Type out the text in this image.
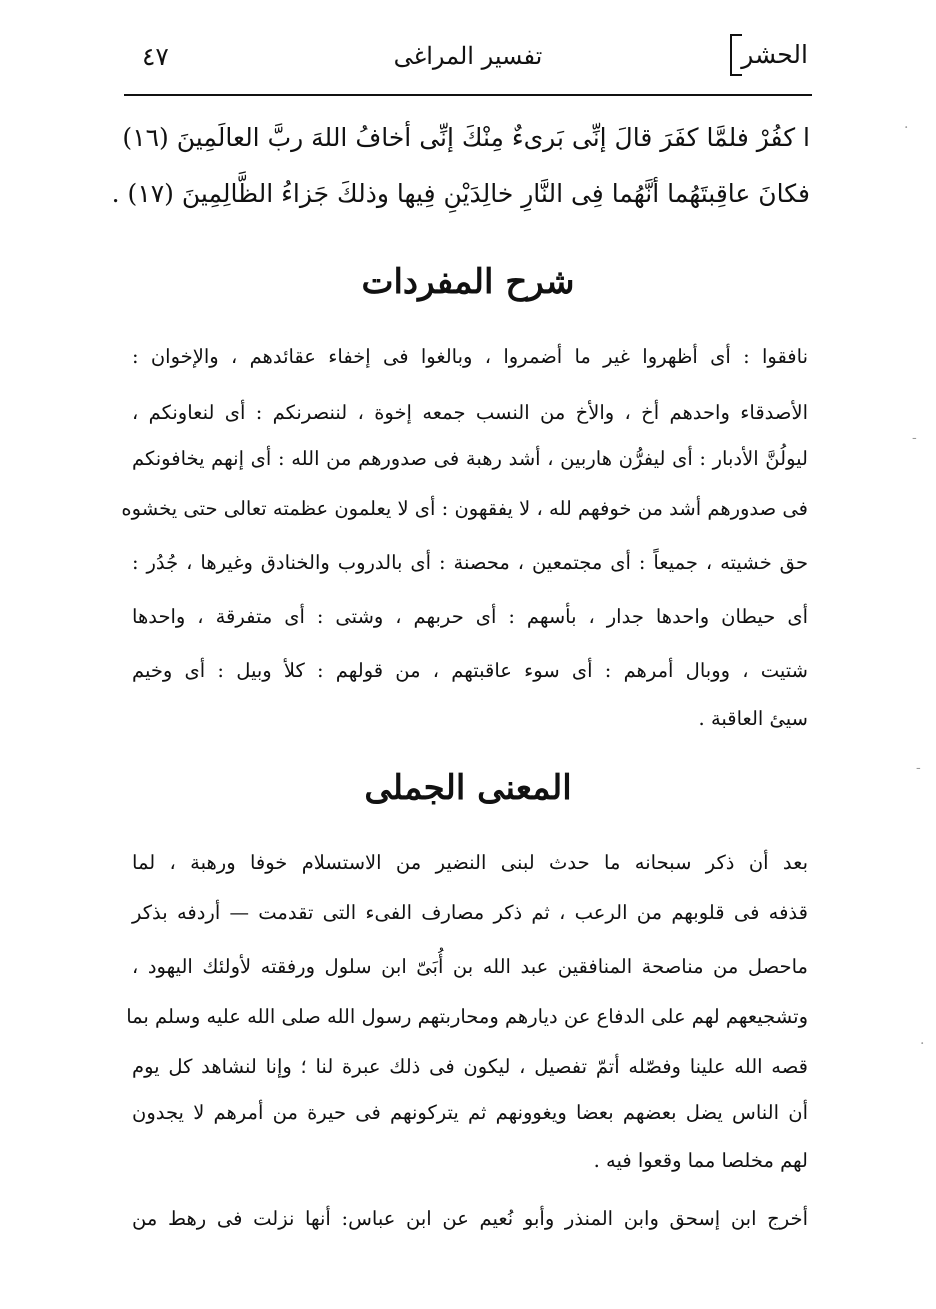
الحشر
تفسير المراغى
٤٧
ا كفُرْ فلمَّا كفَرَ قالَ إنِّى بَرىءٌ مِنْكَ إنِّى أخافُ اللهَ ربَّ العالَمِينَ (١٦)
فكانَ عاقِبتَهُما أنَّهُما فِى النَّارِ خالِدَيْنِ فِيها وذلكَ جَزاءُ الظَّالِمِينَ (١٧) .
شرح المفردات
نافقوا : أى أظهروا غير ما أضمروا ، وبالغوا فى إخفاء عقائدهم ، والإخوان :
الأصدقاء واحدهم أخ ، والأخ من النسب جمعه إخوة ، لننصرنكم : أى لنعاونكم ،
ليولُنَّ الأدبار : أى ليفرُّن هاربين ، أشد رهبة فى صدورهم من الله : أى إنهم يخافونكم
فى صدورهم أشد من خوفهم لله ، لا يفقهون : أى لا يعلمون عظمته تعالى حتى يخشوه
حق خشيته ، جميعاً : أى مجتمعين ، محصنة : أى بالدروب والخنادق وغيرها ، جُدُر :
أى حيطان واحدها جدار ، بأسهم : أى حربهم ، وشتى : أى متفرقة ، واحدها
شتيت ، ووبال أمرهم : أى سوء عاقبتهم ، من قولهم : كلأ وبيل : أى وخيم
سيئ العاقبة .
المعنى الجملى
بعد أن ذكر سبحانه ما حدث لبنى النضير من الاستسلام خوفا ورهبة ، لما
قذفه فى قلوبهم من الرعب ، ثم ذكر مصارف الفىء التى تقدمت — أردفه بذكر
ماحصل من مناصحة المنافقين عبد الله بن أُبَىّ ابن سلول ورفقته لأولئك اليهود ،
وتشجيعهم لهم على الدفاع عن ديارهم ومحاربتهم رسول الله صلى الله عليه وسلم بما
قصه الله علينا وفصّله أتمّ تفصيل ، ليكون فى ذلك عبرة لنا ؛ وإنا لنشاهد كل يوم
أن الناس يضل بعضهم بعضا ويغوونهم ثم يتركونهم فى حيرة من أمرهم لا يجدون
لهم مخلصا مما وقعوا فيه .
أخرج ابن إسحق وابن المنذر وأبو نُعيم عن ابن عباس: أنها نزلت فى رهط من
·
-
-
·
